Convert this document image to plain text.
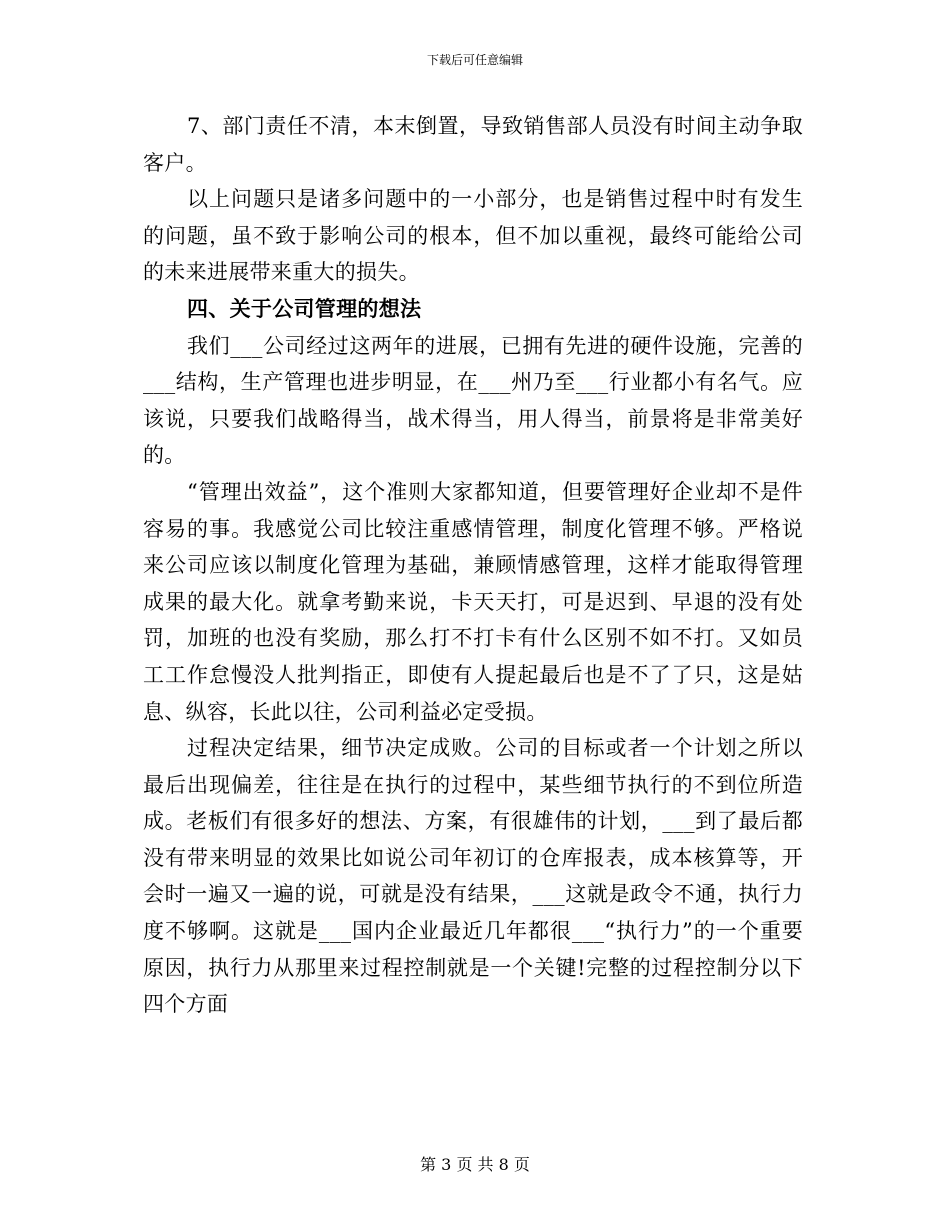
下载后可任意编辑

7、部门责任不清，本末倒置，导致销售部人员没有时间主动争取客户。

以上问题只是诸多问题中的一小部分，也是销售过程中时有发生的问题，虽不致于影响公司的根本，但不加以重视，最终可能给公司的未来进展带来重大的损失。

四、关于公司管理的想法

我们___公司经过这两年的进展，已拥有先进的硬件设施，完善的___结构，生产管理也进步明显，在___州乃至___行业都小有名气。应该说，只要我们战略得当，战术得当，用人得当，前景将是非常美好的。

“管理出效益”，这个准则大家都知道，但要管理好企业却不是件容易的事。我感觉公司比较注重感情管理，制度化管理不够。严格说来公司应该以制度化管理为基础，兼顾情感管理，这样才能取得管理成果的最大化。就拿考勤来说，卡天天打，可是迟到、早退的没有处罚，加班的也没有奖励，那么打不打卡有什么区别不如不打。又如员工工作怠慢没人批判指正，即使有人提起最后也是不了了只，这是姑息、纵容，长此以往，公司利益必定受损。

过程决定结果，细节决定成败。公司的目标或者一个计划之所以最后出现偏差，往往是在执行的过程中，某些细节执行的不到位所造成。老板们有很多好的想法、方案，有很雄伟的计划，___到了最后都没有带来明显的效果比如说公司年初订的仓库报表，成本核算等，开会时一遍又一遍的说，可就是没有结果，___这就是政令不通，执行力度不够啊。这就是___国内企业最近几年都很___“执行力”的一个重要原因，执行力从那里来过程控制就是一个关键!完整的过程控制分以下四个方面

第 3 页 共 8 页
